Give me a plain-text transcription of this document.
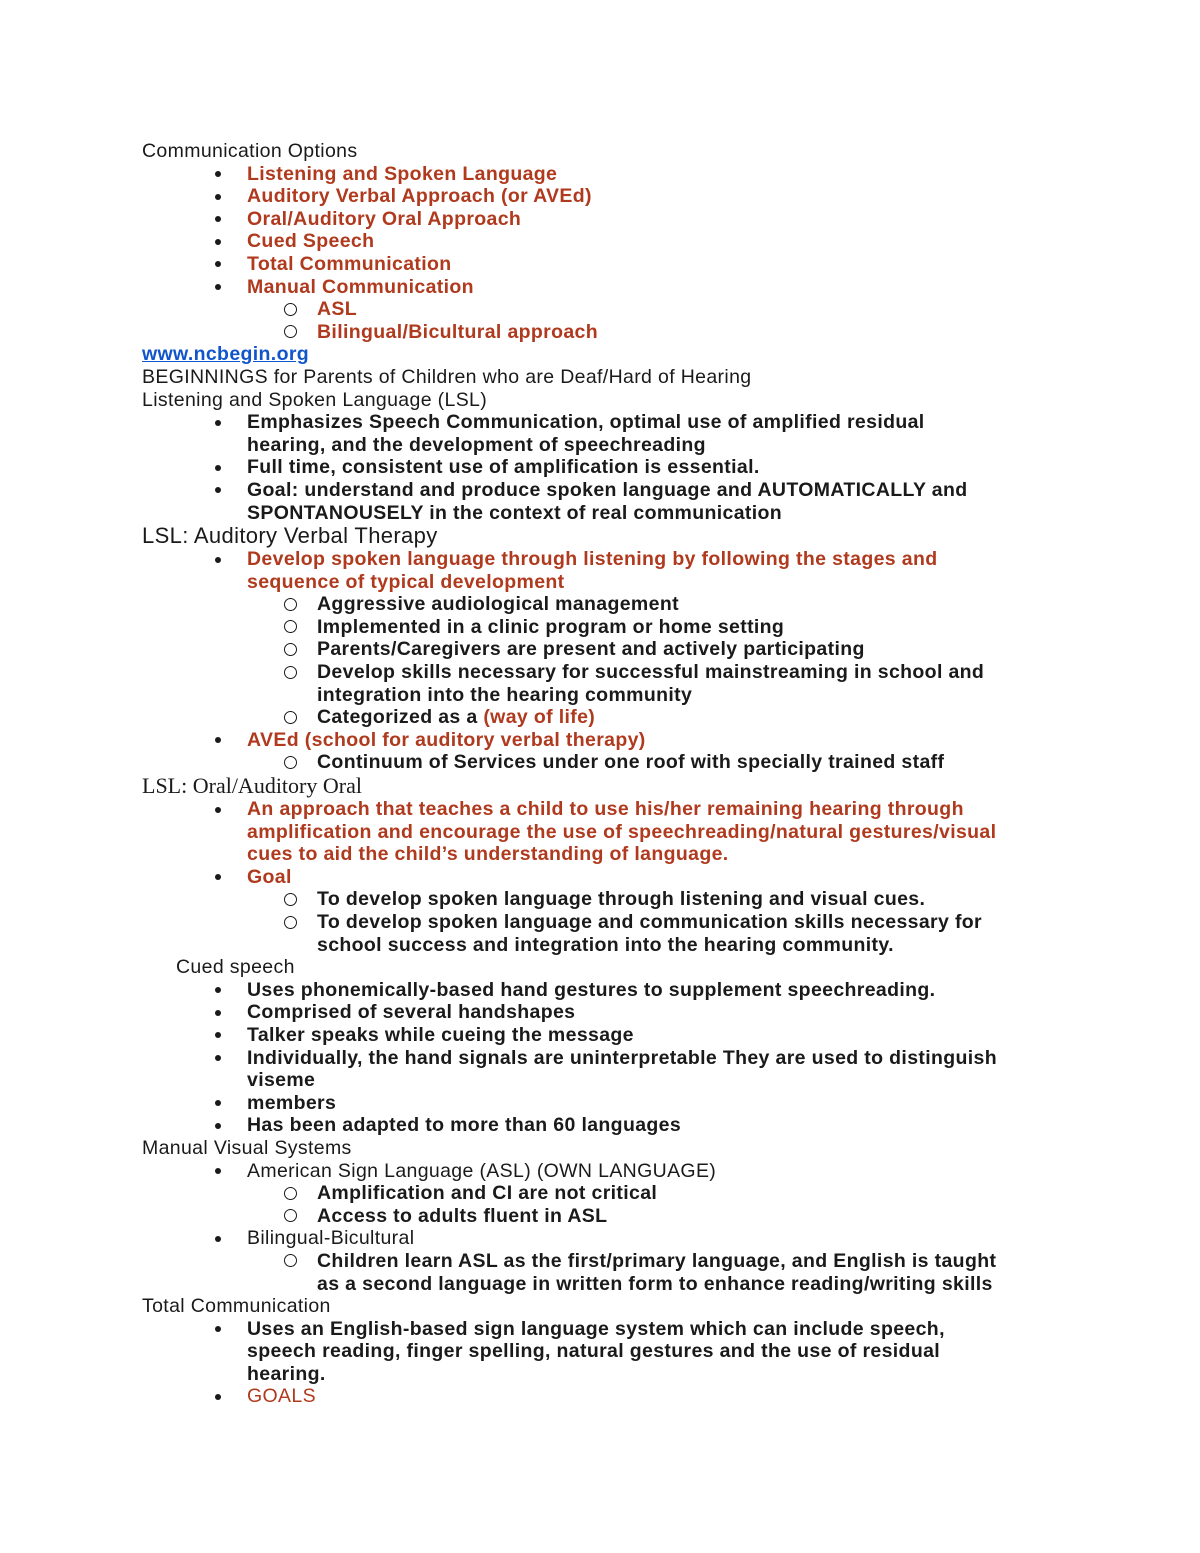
Communication Options

Listening and Spoken Language
Auditory Verbal Approach (or AVEd)
Oral/Auditory Oral Approach
Cued Speech
Total Communication
Manual Communication
ASL
Bilingual/Bicultural approach

www.ncbegin.org

BEGINNINGS for Parents of Children who are Deaf/Hard of Hearing

Listening and Spoken Language (LSL)

Emphasizes Speech Communication, optimal use of amplified residual
hearing, and the development of speechreading
Full time, consistent use of amplification is essential.
Goal: understand and produce spoken language and AUTOMATICALLY and
SPONTANOUSELY in the context of real communication

LSL: Auditory Verbal Therapy

Develop spoken language through listening by following the stages and
sequence of typical development
Aggressive audiological management
Implemented in a clinic program or home setting
Parents/Caregivers are present and actively participating
Develop skills necessary for successful mainstreaming in school and
integration into the hearing community
Categorized as a (way of life)
AVEd (school for auditory verbal therapy)
Continuum of Services under one roof with specially trained staff

LSL: Oral/Auditory Oral

An approach that teaches a child to use his/her remaining hearing through
amplification and encourage the use of speechreading/natural gestures/visual
cues to aid the child’s understanding of language.
Goal
To develop spoken language through listening and visual cues.
To develop spoken language and communication skills necessary for
school success and integration into the hearing community.

Cued speech

Uses phonemically-based hand gestures to supplement speechreading.
Comprised of several handshapes
Talker speaks while cueing the message
Individually, the hand signals are uninterpretable They are used to distinguish
viseme
members
Has been adapted to more than 60 languages

Manual Visual Systems

American Sign Language (ASL) (OWN LANGUAGE)
Amplification and CI are not critical
Access to adults fluent in ASL
Bilingual-Bicultural
Children learn ASL as the first/primary language, and English is taught
as a second language in written form to enhance reading/writing skills

Total Communication

Uses an English-based sign language system which can include speech,
speech reading, finger spelling, natural gestures and the use of residual
hearing.
GOALS
